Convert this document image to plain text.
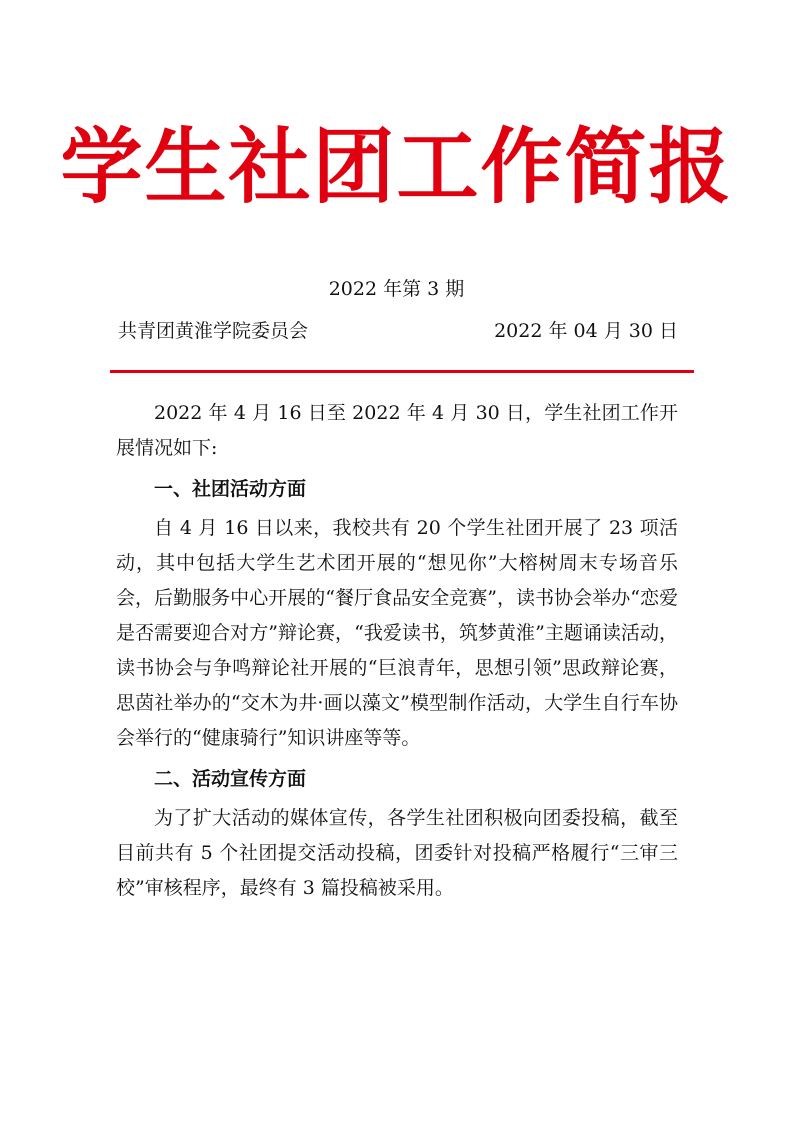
学生社团工作简报
2022 年第 3 期
共青团黄淮学院委员会	2022 年 04 月 30 日

2022 年 4 月 16 日至 2022 年 4 月 30 日，学生社团工作开展情况如下:

一、社团活动方面

自 4 月 16 日以来，我校共有 20 个学生社团开展了 23 项活动，其中包括大学生艺术团开展的“想见你”大榕树周末专场音乐会，后勤服务中心开展的“餐厅食品安全竞赛”，读书协会举办“恋爱是否需要迎合对方”辩论赛，“我爱读书，筑梦黄淮”主题诵读活动，读书协会与争鸣辩论社开展的“巨浪青年，思想引领”思政辩论赛，思茵社举办的“交木为井·画以藻文”模型制作活动，大学生自行车协会举行的“健康骑行”知识讲座等等。

二、活动宣传方面

为了扩大活动的媒体宣传，各学生社团积极向团委投稿，截至目前共有 5 个社团提交活动投稿，团委针对投稿严格履行“三审三校”审核程序，最终有 3 篇投稿被采用。
